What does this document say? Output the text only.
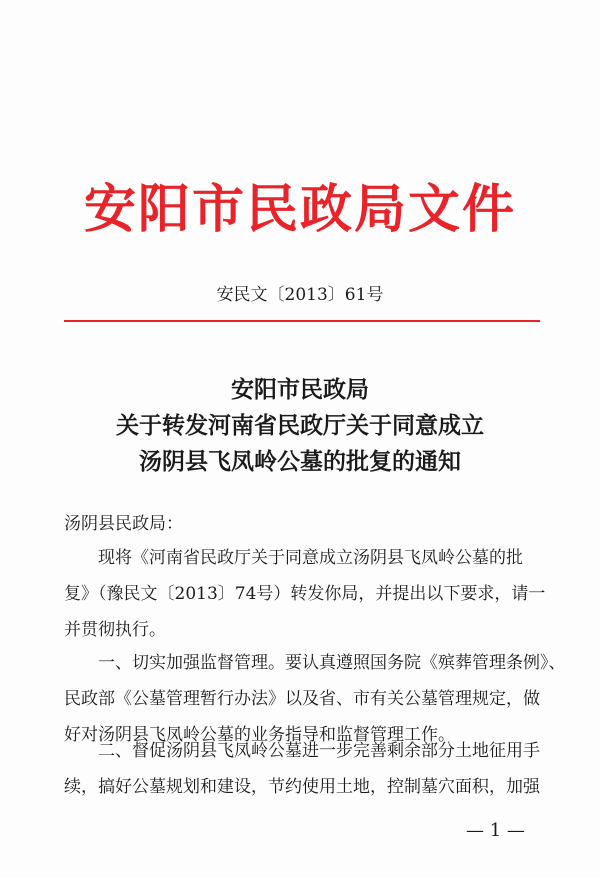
安阳市民政局文件
安民文〔2013〕61号
安阳市民政局
关于转发河南省民政厅关于同意成立
汤阴县飞凤岭公墓的批复的通知
汤阴县民政局：
　　现将《河南省民政厅关于同意成立汤阴县飞凤岭公墓的批
复》（豫民文〔2013〕74号）转发你局，并提出以下要求，请一
并贯彻执行。
　　一、切实加强监督管理。要认真遵照国务院《殡葬管理条例》、
民政部《公墓管理暂行办法》以及省、市有关公墓管理规定，做
好对汤阴县飞凤岭公墓的业务指导和监督管理工作。
　　二、督促汤阴县飞凤岭公墓进一步完善剩余部分土地征用手
续，搞好公墓规划和建设，节约使用土地，控制墓穴面积，加强
— 1 —
